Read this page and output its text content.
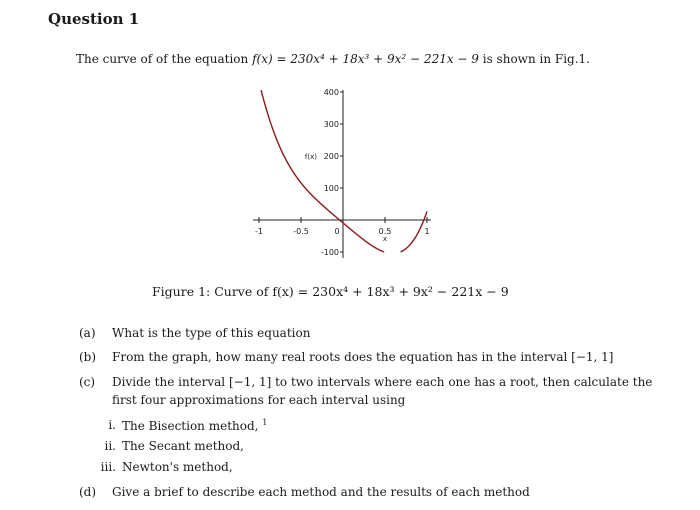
Question 1
The curve of of the equation f(x) = 230x⁴ + 18x³ + 9x² − 221x − 9 is shown in Fig.1.
-1	-0.5	0	0.5	1
-100
100
200
300
400
x
f(x)
Figure 1: Curve of f(x) = 230x⁴ + 18x³ + 9x² − 221x − 9
(a) What is the type of this equation
(b) From the graph, how many real roots does the equation has in the interval [−1, 1]
(c) Divide the interval [−1, 1] to two intervals where each one has a root, then calculate the
first four approximations for each interval using
i. The Bisection method, $^1$
ii. The Secant method,
iii. Newton's method,
(d) Give a brief to describe each method and the results of each method
